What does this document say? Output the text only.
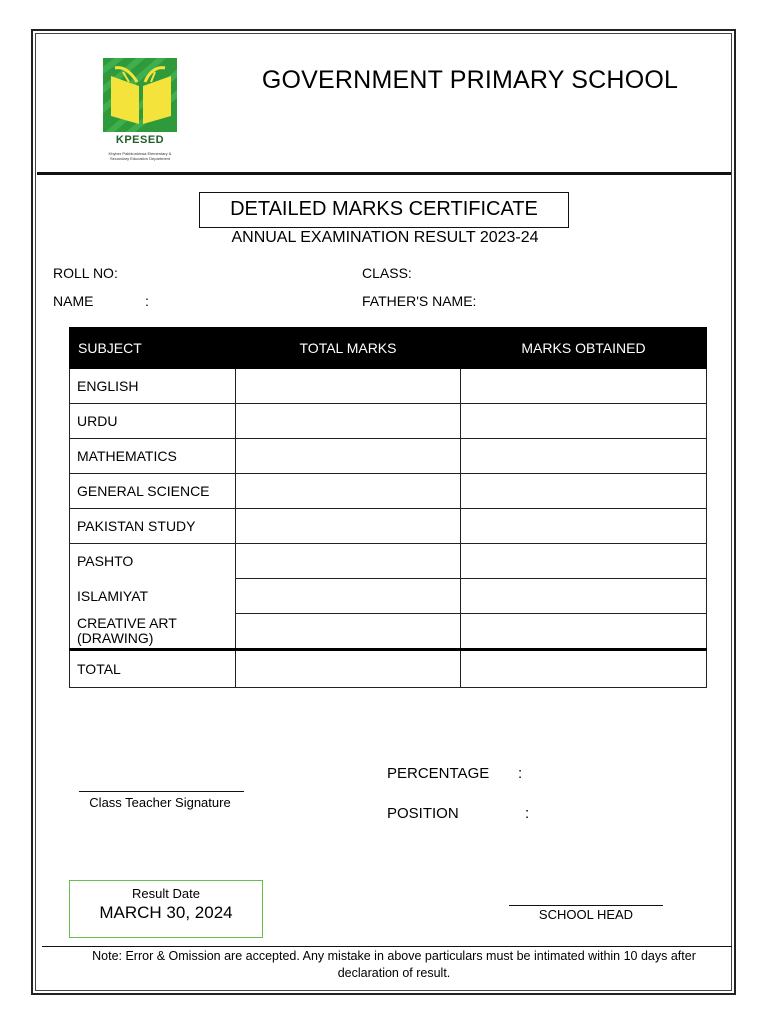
KPESED
Khyber Pakhtunkhwa Elementary & Secondary Education Department
GOVERNMENT PRIMARY SCHOOL
DETAILED MARKS CERTIFICATE
ANNUAL EXAMINATION RESULT 2023-24
ROLL NO:	CLASS:
NAME	:	FATHER'S NAME:
SUBJECT	TOTAL MARKS	MARKS OBTAINED
ENGLISH		
URDU		
MATHEMATICS		
GENERAL SCIENCE		
PAKISTAN STUDY		
PASHTO		
ISLAMIYAT		
CREATIVE ART (DRAWING)		
TOTAL		
Class Teacher Signature
PERCENTAGE :
POSITION	:
Result Date
MARCH 30, 2024	SCHOOL HEAD
Note: Error & Omission are accepted. Any mistake in above particulars must be intimated within 10 days after declaration of result.
